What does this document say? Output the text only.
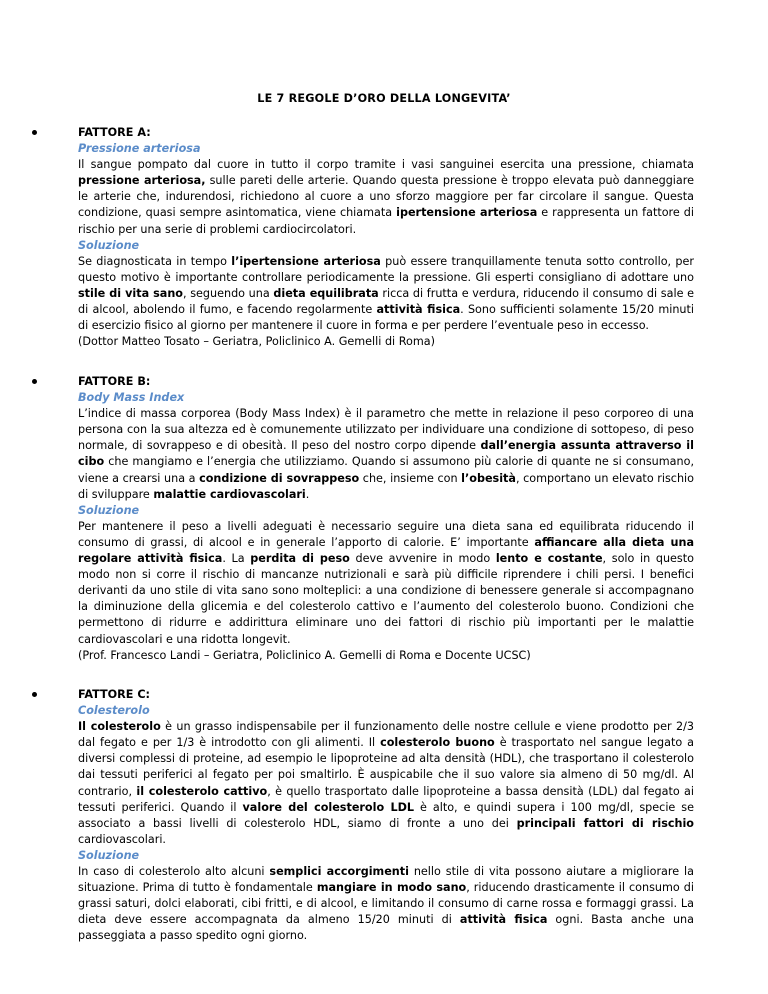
LE 7 REGOLE D’ORO DELLA LONGEVITA’

FATTORE A:

Pressione arteriosa

Il sangue pompato dal cuore in tutto il corpo tramite i vasi sanguinei esercita una pressione, chiamata pressione arteriosa, sulle pareti delle arterie. Quando questa pressione è troppo elevata può danneggiare le arterie che, indurendosi, richiedono al cuore a uno sforzo maggiore per far circolare il sangue. Questa condizione, quasi sempre asintomatica, viene chiamata ipertensione arteriosa e rappresenta un fattore di rischio per una serie di problemi cardiocircolatori.

Soluzione

Se diagnosticata in tempo l’ipertensione arteriosa può essere tranquillamente tenuta sotto controllo, per questo motivo è importante controllare periodicamente la pressione. Gli esperti consigliano di adottare uno stile di vita sano, seguendo una dieta equilibrata ricca di frutta e verdura, riducendo il consumo di sale e di alcool, abolendo il fumo, e facendo regolarmente attività fisica. Sono sufficienti solamente 15/20 minuti di esercizio fisico al giorno per mantenere il cuore in forma e per perdere l’eventuale peso in eccesso.

(Dottor Matteo Tosato – Geriatra, Policlinico A. Gemelli di Roma)

FATTORE B:

Body Mass Index

L’indice di massa corporea (Body Mass Index) è il parametro che mette in relazione il peso corporeo di una persona con la sua altezza ed è comunemente utilizzato per individuare una condizione di sottopeso, di peso normale, di sovrappeso e di obesità. Il peso del nostro corpo dipende dall’energia assunta attraverso il cibo che mangiamo e l’energia che utilizziamo. Quando si assumono più calorie di quante ne si consumano, viene a crearsi una a condizione di sovrappeso che, insieme con l’obesità, comportano un elevato rischio di sviluppare malattie cardiovascolari.

Soluzione

Per mantenere il peso a livelli adeguati è necessario seguire una dieta sana ed equilibrata riducendo il consumo di grassi, di alcool e in generale l’apporto di calorie. E’ importante affiancare alla dieta una regolare attività fisica. La perdita di peso deve avvenire in modo lento e costante, solo in questo modo non si corre il rischio di mancanze nutrizionali e sarà più difficile riprendere i chili persi. I benefici derivanti da uno stile di vita sano sono molteplici: a una condizione di benessere generale si accompagnano la diminuzione della glicemia e del colesterolo cattivo e l’aumento del colesterolo buono. Condizioni che permettono di ridurre e addirittura eliminare uno dei fattori di rischio più importanti per le malattie cardiovascolari e una ridotta longevit.

(Prof. Francesco Landi – Geriatra, Policlinico A. Gemelli di Roma e Docente UCSC)

FATTORE C:

Colesterolo

Il colesterolo è un grasso indispensabile per il funzionamento delle nostre cellule e viene prodotto per 2/3 dal fegato e per 1/3 è introdotto con gli alimenti. Il colesterolo buono è trasportato nel sangue legato a diversi complessi di proteine, ad esempio le lipoproteine ad alta densità (HDL), che trasportano il colesterolo dai tessuti periferici al fegato per poi smaltirlo. È auspicabile che il suo valore sia almeno di 50 mg/dl. Al contrario, il colesterolo cattivo, è quello trasportato dalle lipoproteine a bassa densità (LDL) dal fegato ai tessuti periferici. Quando il valore del colesterolo LDL è alto, e quindi supera i 100 mg/dl, specie se associato a bassi livelli di colesterolo HDL, siamo di fronte a uno dei principali fattori di rischio cardiovascolari.

Soluzione

In caso di colesterolo alto alcuni semplici accorgimenti nello stile di vita possono aiutare a migliorare la situazione. Prima di tutto è fondamentale mangiare in modo sano, riducendo drasticamente il consumo di grassi saturi, dolci elaborati, cibi fritti, e di alcool, e limitando il consumo di carne rossa e formaggi grassi. La dieta deve essere accompagnata da almeno 15/20 minuti di attività fisica ogni. Basta anche una passeggiata a passo spedito ogni giorno.
